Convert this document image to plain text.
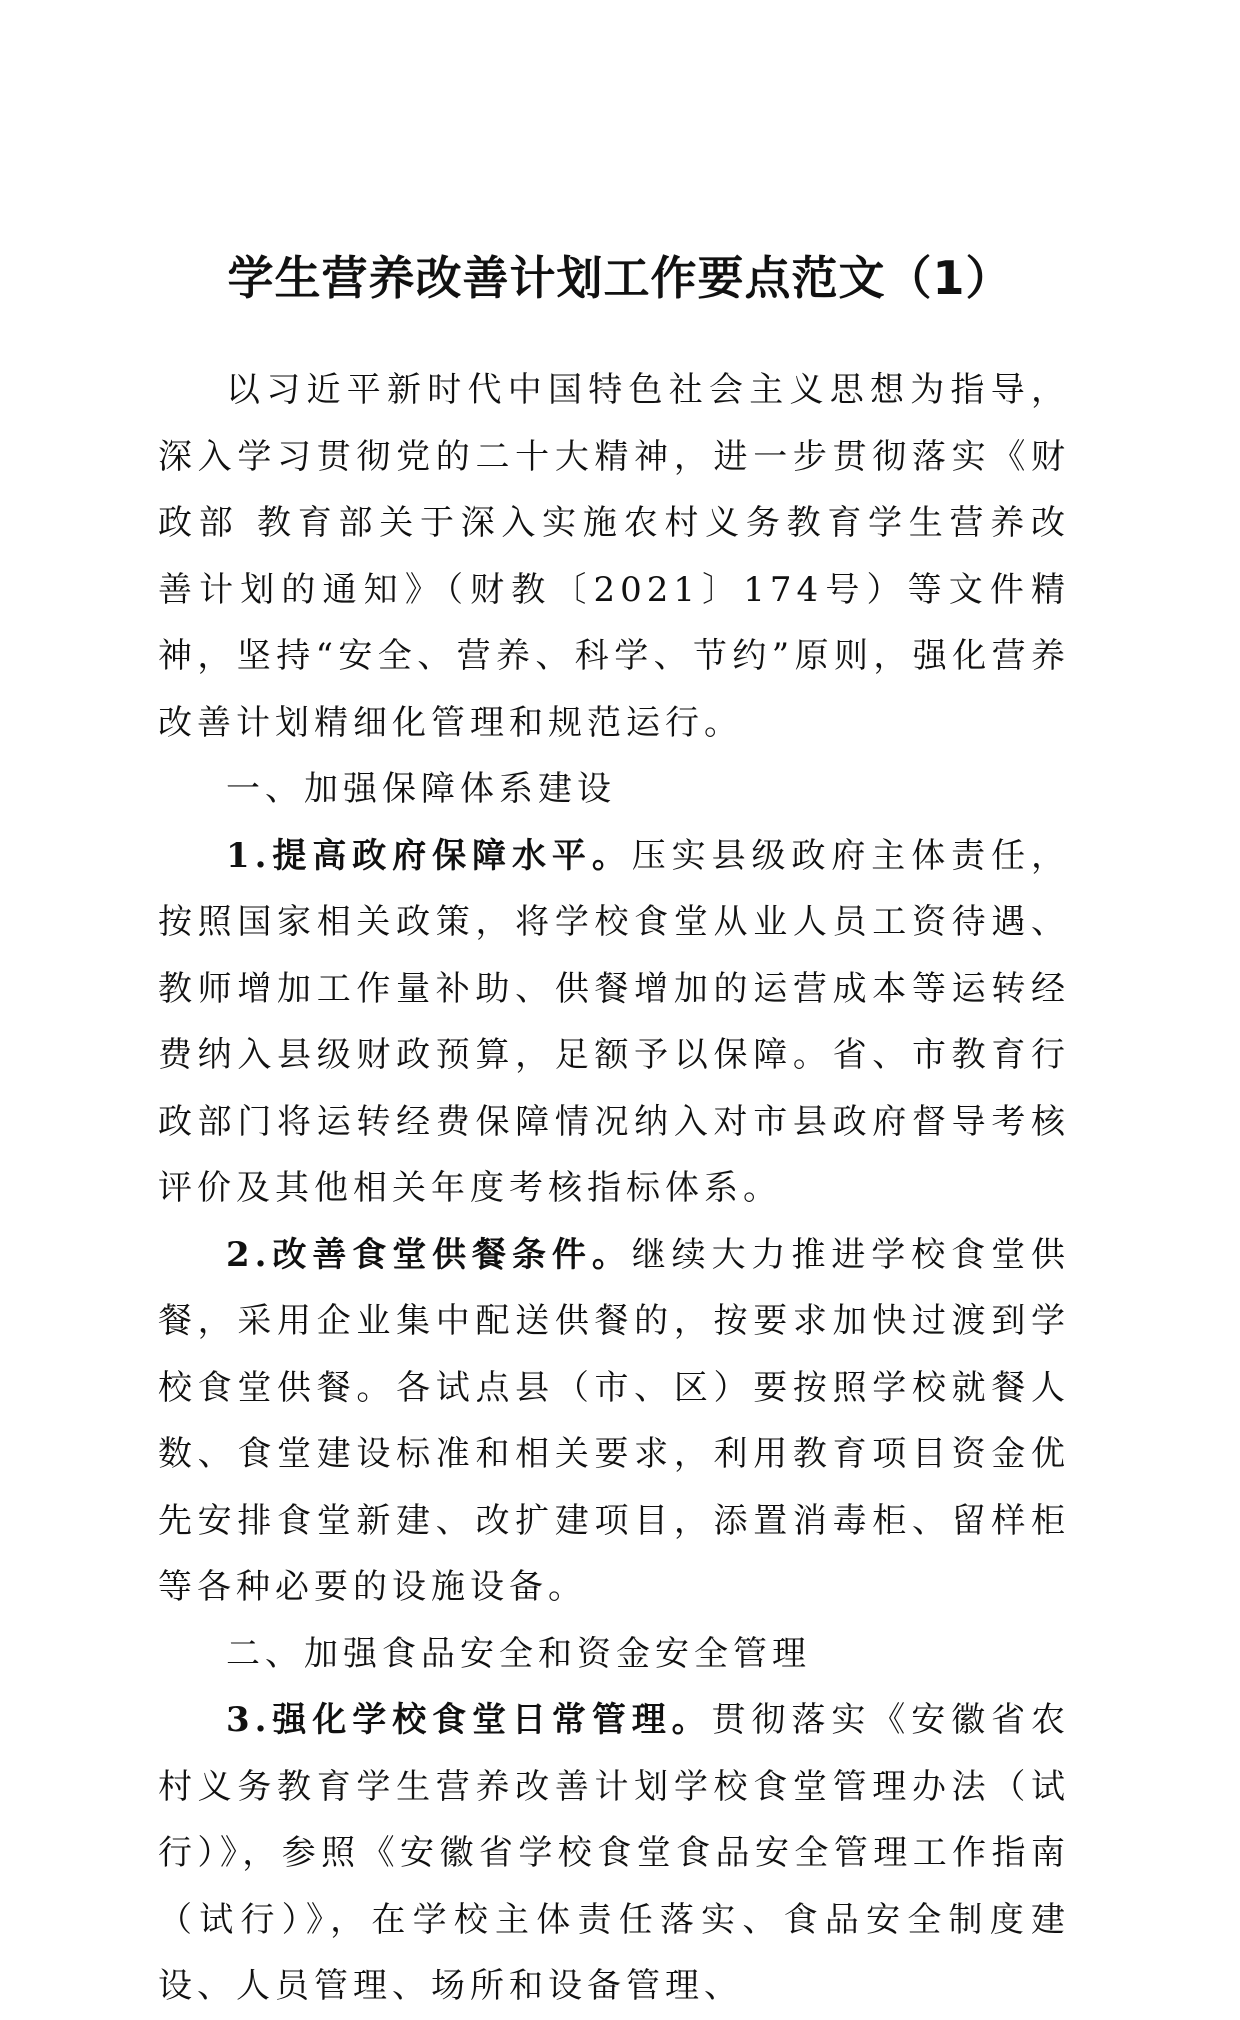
学生营养改善计划工作要点范文（1）

以习近平新时代中国特色社会主义思想为指导，深入学习贯彻党的二十大精神，进一步贯彻落实《财政部 教育部关于深入实施农村义务教育学生营养改善计划的通知》（财教〔2021〕174号）等文件精神，坚持“安全、营养、科学、节约”原则，强化营养改善计划精细化管理和规范运行。

一、加强保障体系建设

1.提高政府保障水平。压实县级政府主体责任，按照国家相关政策，将学校食堂从业人员工资待遇、教师增加工作量补助、供餐增加的运营成本等运转经费纳入县级财政预算，足额予以保障。省、市教育行政部门将运转经费保障情况纳入对市县政府督导考核评价及其他相关年度考核指标体系。

2.改善食堂供餐条件。继续大力推进学校食堂供餐，采用企业集中配送供餐的，按要求加快过渡到学校食堂供餐。各试点县（市、区）要按照学校就餐人数、食堂建设标准和相关要求，利用教育项目资金优先安排食堂新建、改扩建项目，添置消毒柜、留样柜等各种必要的设施设备。

二、加强食品安全和资金安全管理

3.强化学校食堂日常管理。贯彻落实《安徽省农村义务教育学生营养改善计划学校食堂管理办法（试行）》，参照《安徽省学校食堂食品安全管理工作指南（试行）》，在学校主体责任落实、食品安全制度建设、人员管理、场所和设备管理、
